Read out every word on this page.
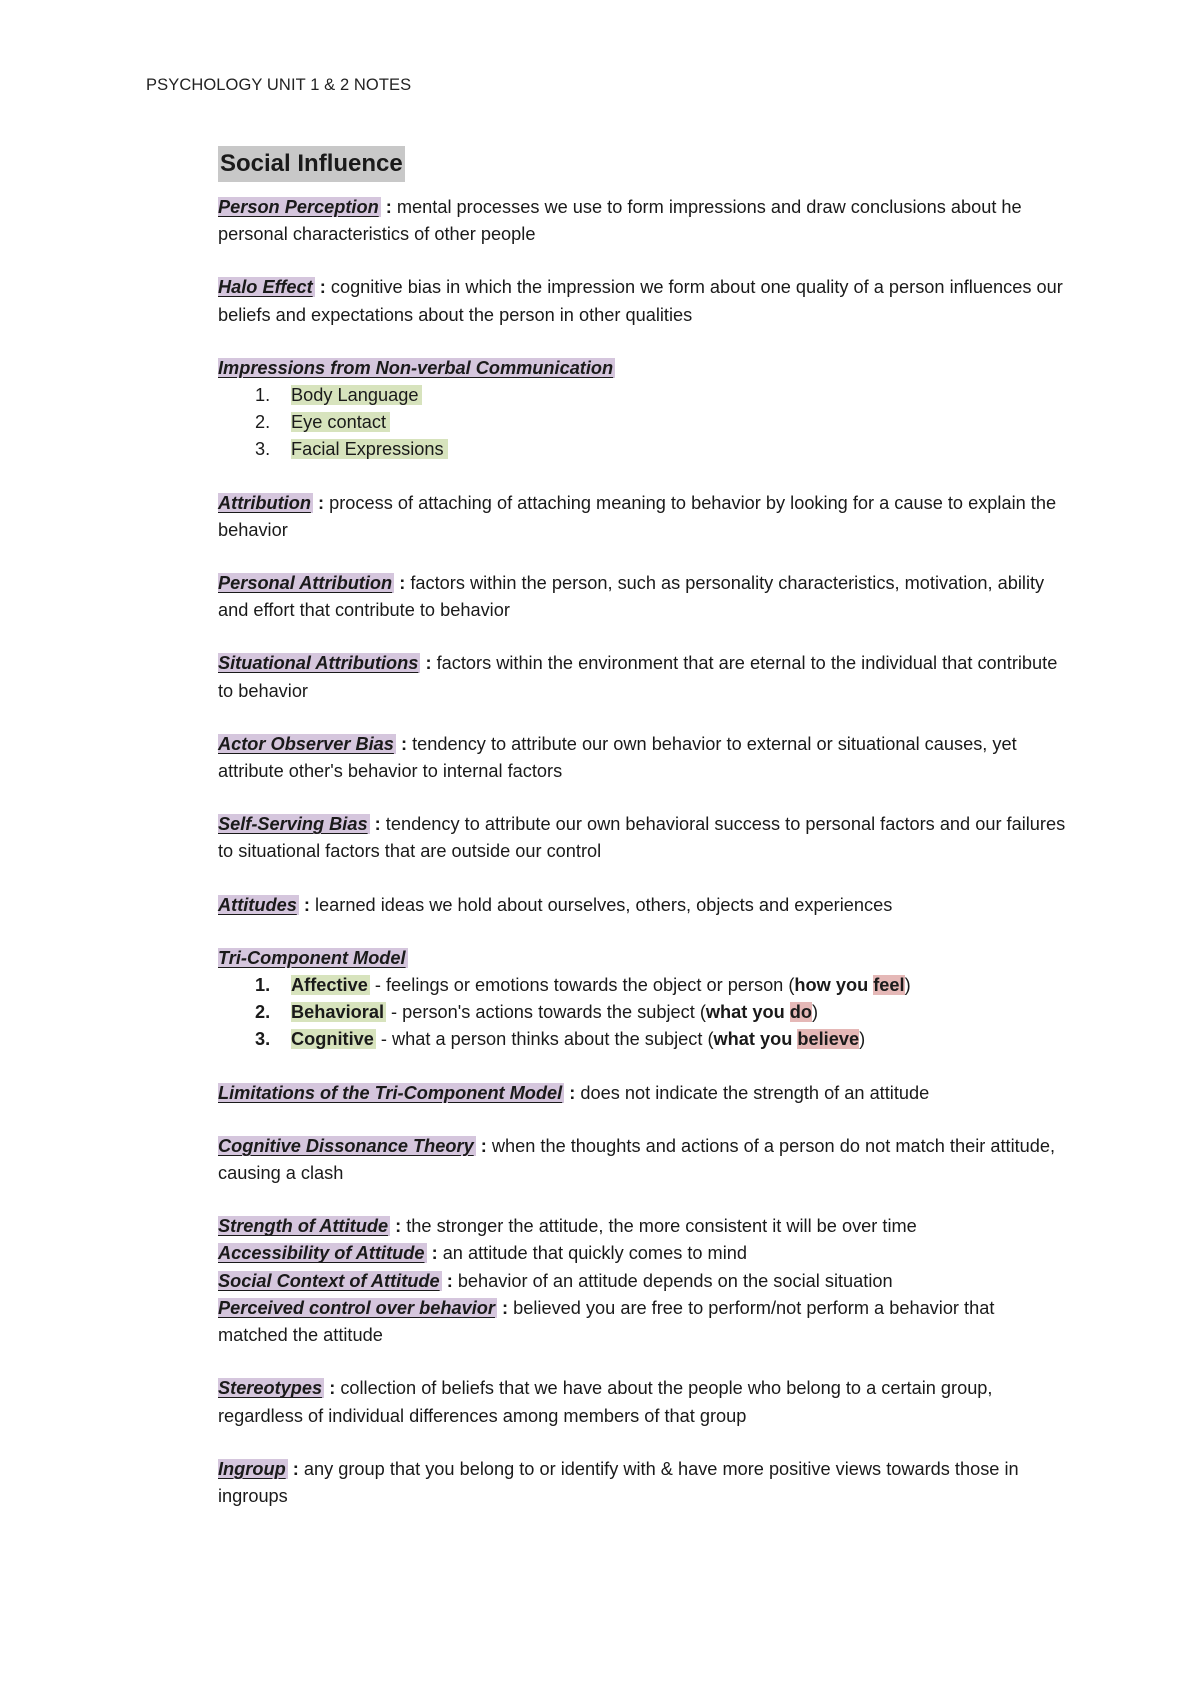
PSYCHOLOGY UNIT 1 & 2 NOTES
Social Influence
Person Perception : mental processes we use to form impressions and draw conclusions about he personal characteristics of other people
Halo Effect : cognitive bias in which the impression we form about one quality of a person influences our beliefs and expectations about the person in other qualities
Impressions from Non-verbal Communication
1. Body Language
2. Eye contact
3. Facial Expressions
Attribution : process of attaching of attaching meaning to behavior by looking for a cause to explain the behavior
Personal Attribution : factors within the person, such as personality characteristics, motivation, ability and effort that contribute to behavior
Situational Attributions : factors within the environment that are eternal to the individual that contribute to behavior
Actor Observer Bias : tendency to attribute our own behavior to external or situational causes, yet attribute other's behavior to internal factors
Self-Serving Bias : tendency to attribute our own behavioral success to personal factors and our failures to situational factors that are outside our control
Attitudes : learned ideas we hold about ourselves, others, objects and experiences
Tri-Component Model
1. Affective - feelings or emotions towards the object or person (how you feel)
2. Behavioral - person's actions towards the subject (what you do)
3. Cognitive - what a person thinks about the subject (what you believe)
Limitations of the Tri-Component Model : does not indicate the strength of an attitude
Cognitive Dissonance Theory : when the thoughts and actions of a person do not match their attitude, causing a clash
Strength of Attitude : the stronger the attitude, the more consistent it will be over time
Accessibility of Attitude : an attitude that quickly comes to mind
Social Context of Attitude : behavior of an attitude depends on the social situation
Perceived control over behavior : believed you are free to perform/not perform a behavior that matched the attitude
Stereotypes : collection of beliefs that we have about the people who belong to a certain group, regardless of individual differences among members of that group
Ingroup : any group that you belong to or identify with & have more positive views towards those in ingroups
